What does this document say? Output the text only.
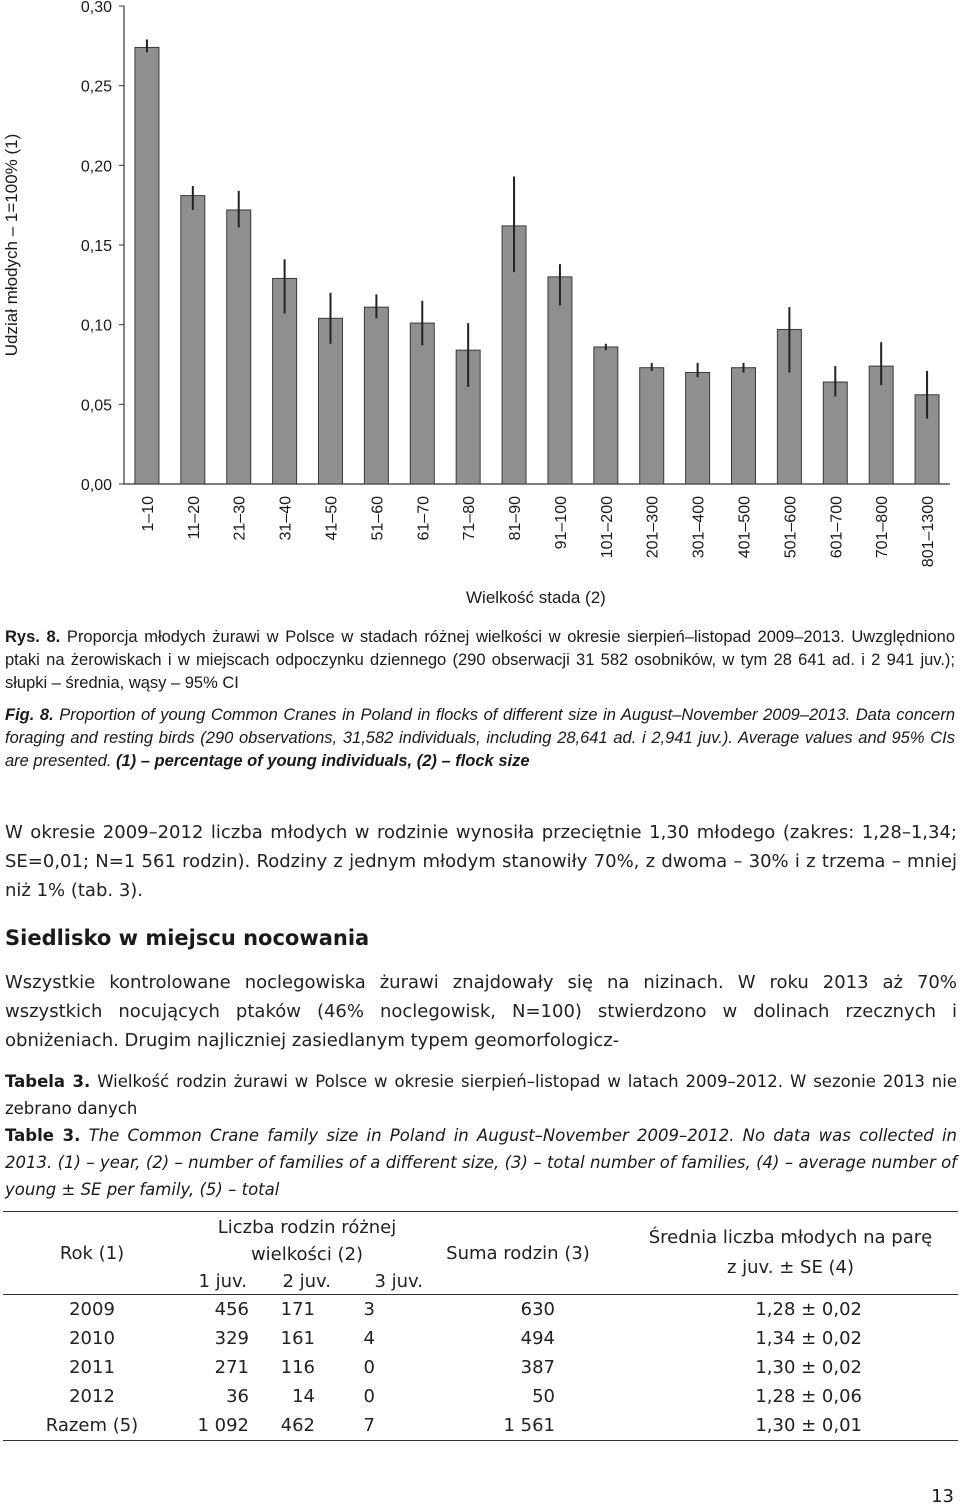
0,00
0,05
0,10
0,15
0,20
0,25
0,30
1–10 11–20 21–30 31–40 41–50 51–60 61–70 71–80 81–90 91–100 101–200 201–300 301–400 401–500 501–600 601–700 701–800 801–1300
Udział młodych – 1=100% (1)
Wielkość stada (2)
Rys. 8. Proporcja młodych żurawi w Polsce w stadach różnej wielkości w okresie sierpień–listopad 2009–2013. Uwzględniono ptaki na żerowiskach i w miejscach odpoczynku dziennego (290 obserwacji 31 582 osobników, w tym 28 641 ad. i 2 941 juv.); słupki – średnia, wąsy – 95% CI
Fig. 8. Proportion of young Common Cranes in Poland in flocks of different size in August–November 2009–2013. Data concern foraging and resting birds (290 observations, 31,582 individuals, including 28,641 ad. i 2,941 juv.). Average values and 95% CIs are presented. (1) – percentage of young individuals, (2) – flock size
W okresie 2009–2012 liczba młodych w rodzinie wynosiła przeciętnie 1,30 młodego (zakres: 1,28–1,34; SE=0,01; N=1 561 rodzin). Rodziny z jednym młodym stanowiły 70%, z dwoma – 30% i z trzema – mniej niż 1% (tab. 3).
Siedlisko w miejscu nocowania
Wszystkie kontrolowane noclegowiska żurawi znajdowały się na nizinach. W roku 2013 aż 70% wszystkich nocujących ptaków (46% noclegowisk, N=100) stwierdzono w dolinach rzecznych i obniżeniach. Drugim najliczniej zasiedlanym typem geomorfologicz-
Tabela 3. Wielkość rodzin żurawi w Polsce w okresie sierpień–listopad w latach 2009–2012. W sezonie 2013 nie zebrano danych
Table 3. The Common Crane family size in Poland in August–November 2009–2012. No data was collected in 2013. (1) – year, (2) – number of families of a different size, (3) – total number of families, (4) – average number of young ± SE per family, (5) – total
Rok (1)	Liczba rodzin różnej wielkości (2)			Suma rodzin (3)	Średnia liczba młodych na parę z juv. ± SE (4)
	1 juv.	2 juv.	3 juv.		
2009	456	171	3	630	1,28 ± 0,02
2010	329	161	4	494	1,34 ± 0,02
2011	271	116	0	387	1,30 ± 0,02
2012	36	14	0	50	1,28 ± 0,06
Razem (5)	1 092	462	7	1 561	1,30 ± 0,01
13
